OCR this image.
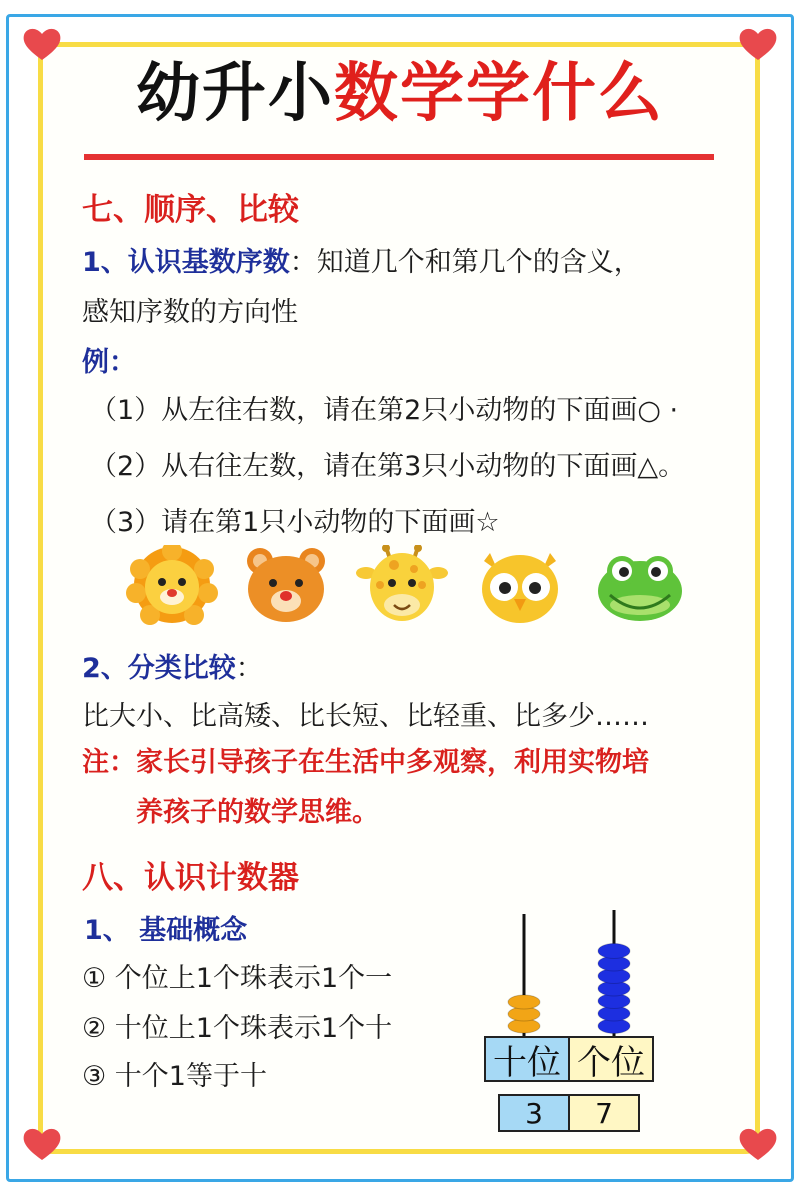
幼升小数学学什么
七、顺序、比较
1、认识基数序数：知道几个和第几个的含义，
感知序数的方向性
例：
（1）从左往右数，请在第2只小动物的下面画○ ·
（2）从右往左数，请在第3只小动物的下面画△。
（3）请在第1只小动物的下面画☆
2、分类比较：
比大小、比高矮、比长短、比轻重、比多少……
注：家长引导孩子在生活中多观察，利用实物培
养孩子的数学思维。
八、认识计数器
1、 基础概念
① 个位上1个珠表示1个一
② 十位上1个珠表示1个十
③ 十个1等于十	十位 个位
3	7
